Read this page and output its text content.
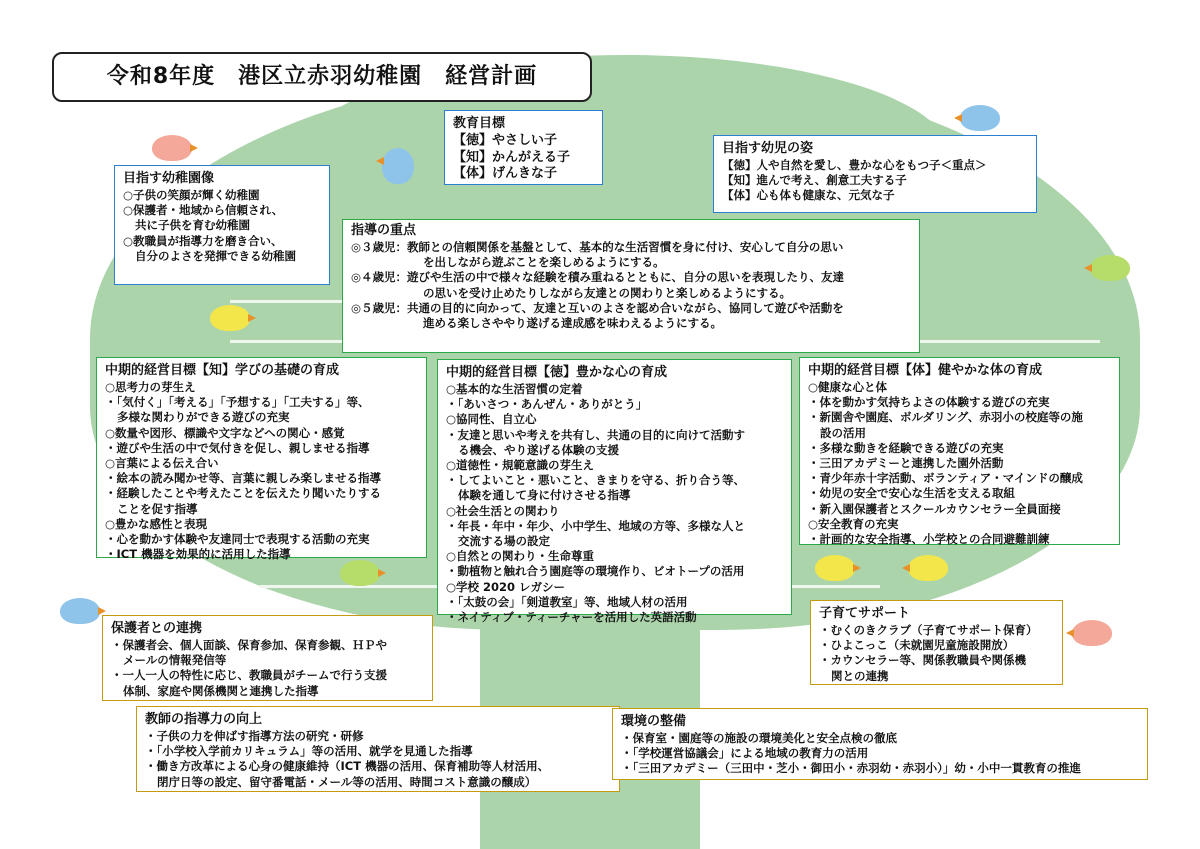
令和8年度　港区立赤羽幼稚園　経営計画
教育目標
【徳】やさしい子
【知】かんがえる子
【体】げんきな子
目指す幼稚園像
○子供の笑顔が輝く幼稚園
○保護者・地域から信頼され、
共に子供を育む幼稚園
○教職員が指導力を磨き合い、
自分のよさを発揮できる幼稚園
目指す幼児の姿
【徳】人や自然を愛し、豊かな心をもつ子＜重点＞
【知】進んで考え、創意工夫する子
【体】心も体も健康な、元気な子
指導の重点
◎３歳児：教師との信頼関係を基盤として、基本的な生活習慣を身に付け、安心して自分の思い
を出しながら遊ぶことを楽しめるようにする。
◎４歳児：遊びや生活の中で様々な経験を積み重ねるとともに、自分の思いを表現したり、友達
の思いを受け止めたりしながら友達との関わりと楽しめるようにする。
◎５歳児：共通の目的に向かって、友達と互いのよさを認め合いながら、協同して遊びや活動を
進める楽しさややり遂げる達成感を味わえるようにする。
中期的経営目標【知】学びの基礎の育成
○思考力の芽生え
・「気付く」「考える」「予想する」「工夫する」等、
多様な関わりができる遊びの充実
○数量や図形、標識や文字などへの関心・感覚
・遊びや生活の中で気付きを促し、親しませる指導
○言葉による伝え合い
・絵本の読み聞かせ等、言葉に親しみ楽しませる指導
・経験したことや考えたことを伝えたり聞いたりする
ことを促す指導
○豊かな感性と表現
・心を動かす体験や友達同士で表現する活動の充実
・ICT 機器を効果的に活用した指導
中期的経営目標【徳】豊かな心の育成
○基本的な生活習慣の定着
・「あいさつ・あんぜん・ありがとう」
○協同性、自立心
・友達と思いや考えを共有し、共通の目的に向けて活動す
る機会、やり遂げる体験の支援
○道徳性・規範意識の芽生え
・してよいこと・悪いこと、きまりを守る、折り合う等、
体験を通して身に付けさせる指導
○社会生活との関わり
・年長・年中・年少、小中学生、地域の方等、多様な人と
交流する場の設定
○自然との関わり・生命尊重
・動植物と触れ合う園庭等の環境作り、ビオトープの活用
○学校 2020 レガシー
・「太鼓の会」「剣道教室」等、地域人材の活用
・ネイティブ・ティーチャーを活用した英語活動
中期的経営目標【体】健やかな体の育成
○健康な心と体
・体を動かす気持ちよさの体験する遊びの充実
・新園舎や園庭、ボルダリング、赤羽小の校庭等の施
設の活用
・多様な動きを経験できる遊びの充実
・三田アカデミーと連携した園外活動
・青少年赤十字活動、ボランティア・マインドの醸成
・幼児の安全で安心な生活を支える取組
・新入園保護者とスクールカウンセラー全員面接
○安全教育の充実
・計画的な安全指導、小学校との合同避難訓練
保護者との連携
・保護者会、個人面談、保育参加、保育参観、ＨＰや
メールの情報発信等
・一人一人の特性に応じ、教職員がチームで行う支援
体制、家庭や関係機関と連携した指導
子育てサポート
・むくのきクラブ（子育てサポート保育）
・ひよこっこ（未就園児童施設開放）
・カウンセラー等、関係教職員や関係機
関との連携
教師の指導力の向上
・子供の力を伸ばす指導方法の研究・研修
・「小学校入学前カリキュラム」等の活用、就学を見通した指導
・働き方改革による心身の健康維持（ICT 機器の活用、保育補助等人材活用、
閉庁日等の設定、留守番電話・メール等の活用、時間コスト意識の醸成）
環境の整備
・保育室・園庭等の施設の環境美化と安全点検の徹底
・「学校運営協議会」による地域の教育力の活用
・「三田アカデミー（三田中・芝小・御田小・赤羽幼・赤羽小）」幼・小中一貫教育の推進
